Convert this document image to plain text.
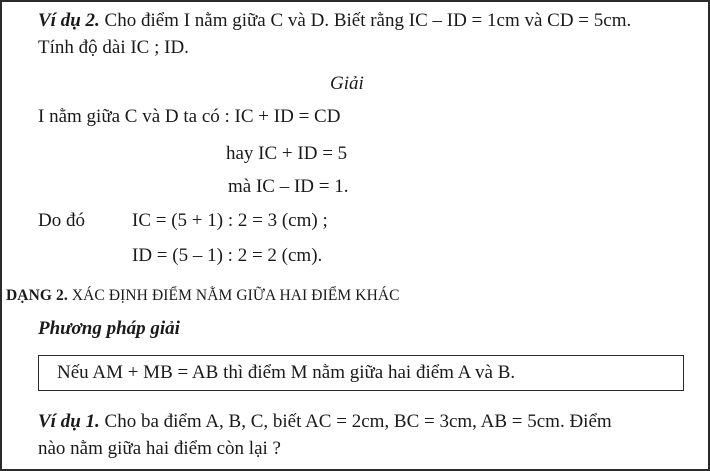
Ví dụ 2. Cho điểm I nằm giữa C và D. Biết rằng IC – ID = 1cm và CD = 5cm.
Tính độ dài IC ; ID.
Giải
I nằm giữa C và D ta có : IC + ID = CD
hay IC + ID = 5
mà IC – ID = 1.
Do đó IC = (5 + 1) : 2 = 3 (cm) ;
ID = (5 – 1) : 2 = 2 (cm).
DẠNG 2. XÁC ĐỊNH ĐIỂM NẰM GIỮA HAI ĐIỂM KHÁC
Phương pháp giải
Nếu AM + MB = AB thì điểm M nằm giữa hai điểm A và B.
Ví dụ 1. Cho ba điểm A, B, C, biết AC = 2cm, BC = 3cm, AB = 5cm. Điểm
nào nằm giữa hai điểm còn lại ?
